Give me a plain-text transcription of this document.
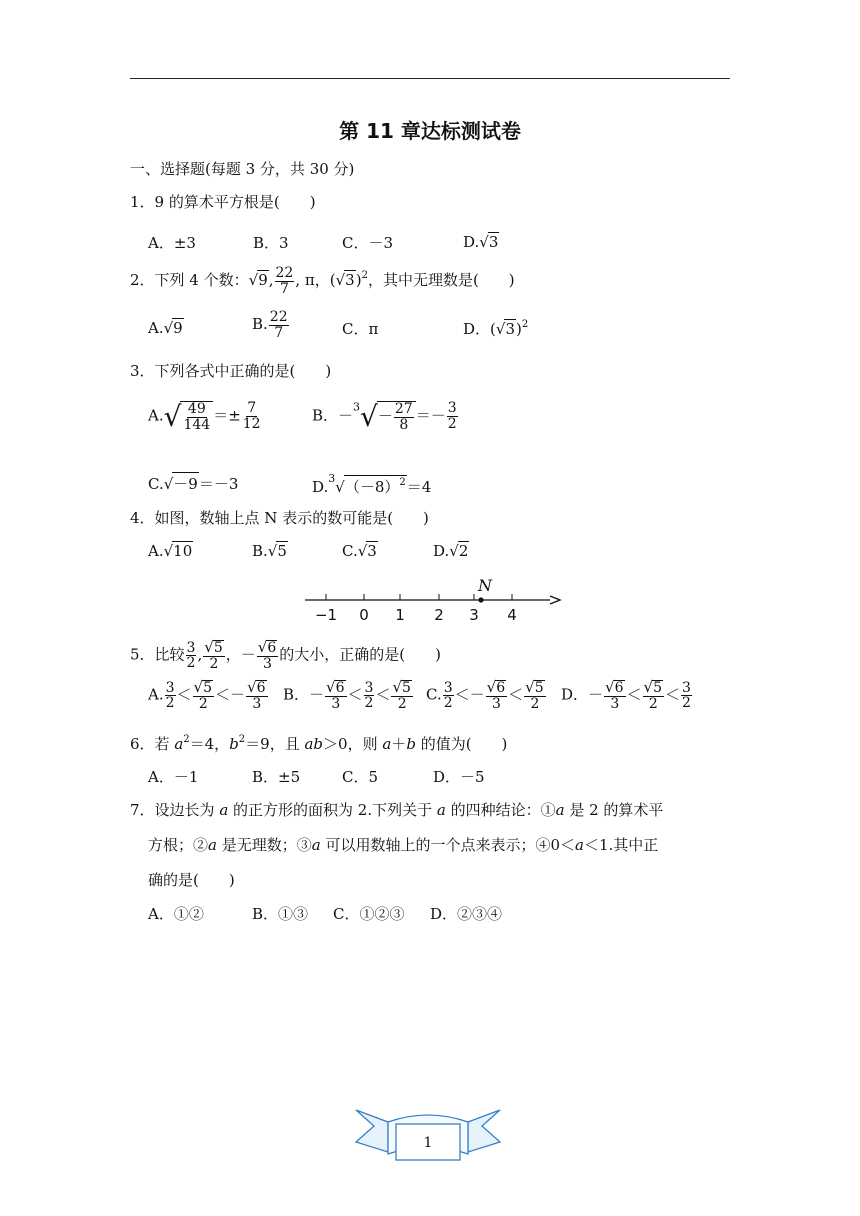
第 11 章达标测试卷
一、选择题(每题 3 分，共 30 分)
1．9 的算术平方根是(　　)
A．±3	B．3	C．－3	D.√3
2．下列 4 个数：√9, $\frac{22}{7}$ , π，$(√3)^2$，其中无理数是(　　)
A.√9	B. $\frac{22}{7}$	C．π	D．$(√3)^2$
3．下列各式中正确的是(　　)
$A.√ \frac{49}{144} =\pm \frac{7}{12}$	B．$-^3√- \frac{27}{8} =- \frac{3}{2}$
C.√－9＝－3	$D.^3√(-8)^2=4$
4．如图，数轴上点 N 表示的数可能是(　　)
A.√10	B.√5	C.√3	D.√2
−1 0 1 2 3 4
N
5．比较 $\frac{3}{2}$ , $\frac{√5}{2}$ ，－ $\frac{√6}{3}$ 的大小，正确的是(　　)
A. $\frac{3}{2} < \frac{√5}{2} <- \frac{√6}{3}$ B．－ $\frac{√6}{3} < \frac{3}{2} < \frac{√5}{2} C$. $\frac{3}{2} <- \frac{√6}{3} < \frac{√5}{2}$ D．－ $\frac{√6}{3} < \frac{√5}{2} < \frac{3}{2}$
6．若 $a^2=4$，$b^2=9$，且 ab＞0，则 a＋b 的值为(　　)
A．－1	B．±5	C．5	D．－5
7．设边长为 a 的正方形的面积为 2.下列关于 a 的四种结论：①a 是 2 的算术平
方根；②a 是无理数；③a 可以用数轴上的一个点来表示；④0＜a＜1.其中正
确的是(　　)
A．①②	B．①③ C．①②③ D．②③④
1
